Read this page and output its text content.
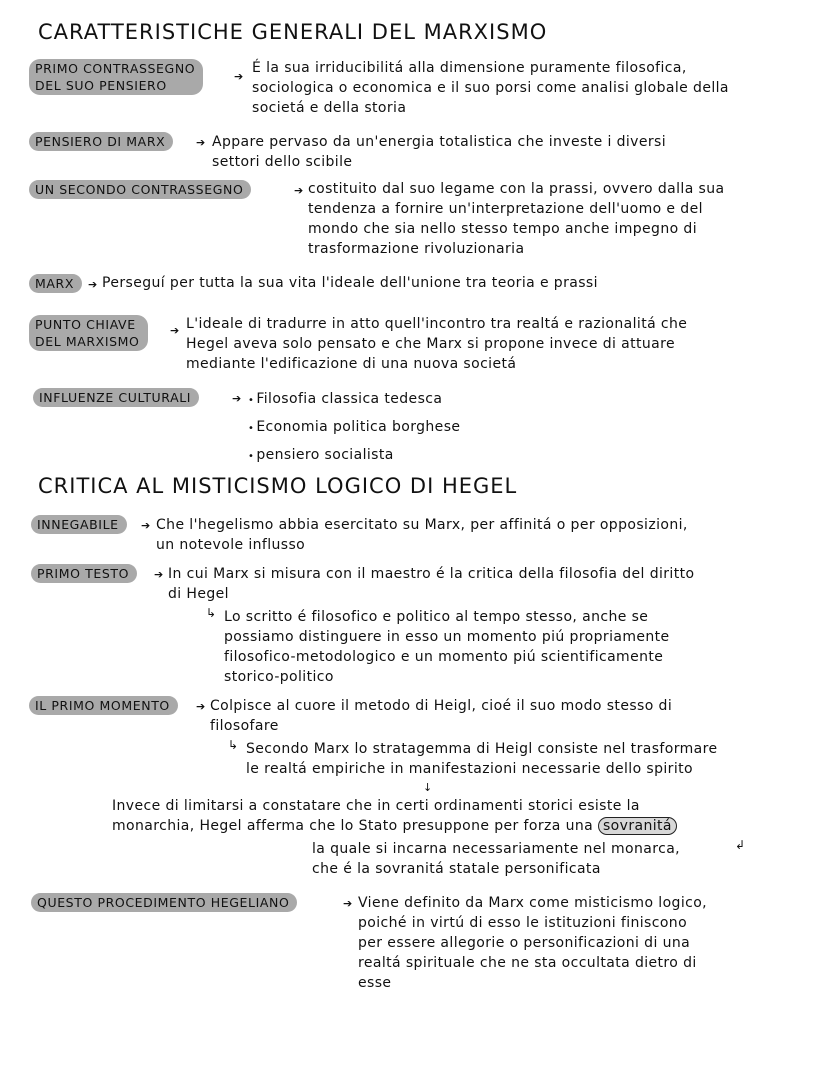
CARATTERISTICHE GENERALI DEL MARXISMO
PRIMO CONTRASSEGNO
DEL SUO PENSIERO
➔
É la sua irriducibilitá alla dimensione puramente filosofica,
sociologica o economica e il suo porsi come analisi globale della
societá e della storia
PENSIERO DI MARX	➔ Appare pervaso da un'energia totalistica che investe i diversi
settori dello scibile
UN SECONDO CONTRASSEGNO	➔ costituito dal suo legame con la prassi, ovvero dalla sua
tendenza a fornire un'interpretazione dell'uomo e del
mondo che sia nello stesso tempo anche impegno di
trasformazione rivoluzionaria
MARX ➔ Perseguí per tutta la sua vita l'ideale dell'unione tra teoria e prassi
PUNTO CHIAVE
DEL MARXISMO
➔ L'ideale di tradurre in atto quell'incontro tra realtá e razionalitá che
Hegel aveva solo pensato e che Marx si propone invece di attuare
mediante l'edificazione di una nuova societá
INFLUENZE CULTURALI	➔ • Filosofia classica tedesca
• Economia politica borghese
• pensiero socialista
CRITICA AL MISTICISMO LOGICO DI HEGEL
INNEGABILE ➔ Che l'hegelismo abbia esercitato su Marx, per affinitá o per opposizioni,
un notevole influsso
PRIMO TESTO ➔ In cui Marx si misura con il maestro é la critica della filosofia del diritto
di Hegel
↳ Lo scritto é filosofico e politico al tempo stesso, anche se
possiamo distinguere in esso un momento piú propriamente
filosofico-metodologico e un momento piú scientificamente
storico-politico
IL PRIMO MOMENTO ➔ Colpisce al cuore il metodo di Heigl, cioé il suo modo stesso di
filosofare
↳ Secondo Marx lo stratagemma di Heigl consiste nel trasformare
le realtá empiriche in manifestazioni necessarie dello spirito
↓
Invece di limitarsi a constatare che in certi ordinamenti storici esiste la
monarchia, Hegel afferma che lo Stato presuppone per forza una sovranitá
↲
la quale si incarna necessariamente nel monarca,
che é la sovranitá statale personificata
QUESTO PROCEDIMENTO HEGELIANO	➔ Viene definito da Marx come misticismo logico,
poiché in virtú di esso le istituzioni finiscono
per essere allegorie o personificazioni di una
realtá spirituale che ne sta occultata dietro di
esse
